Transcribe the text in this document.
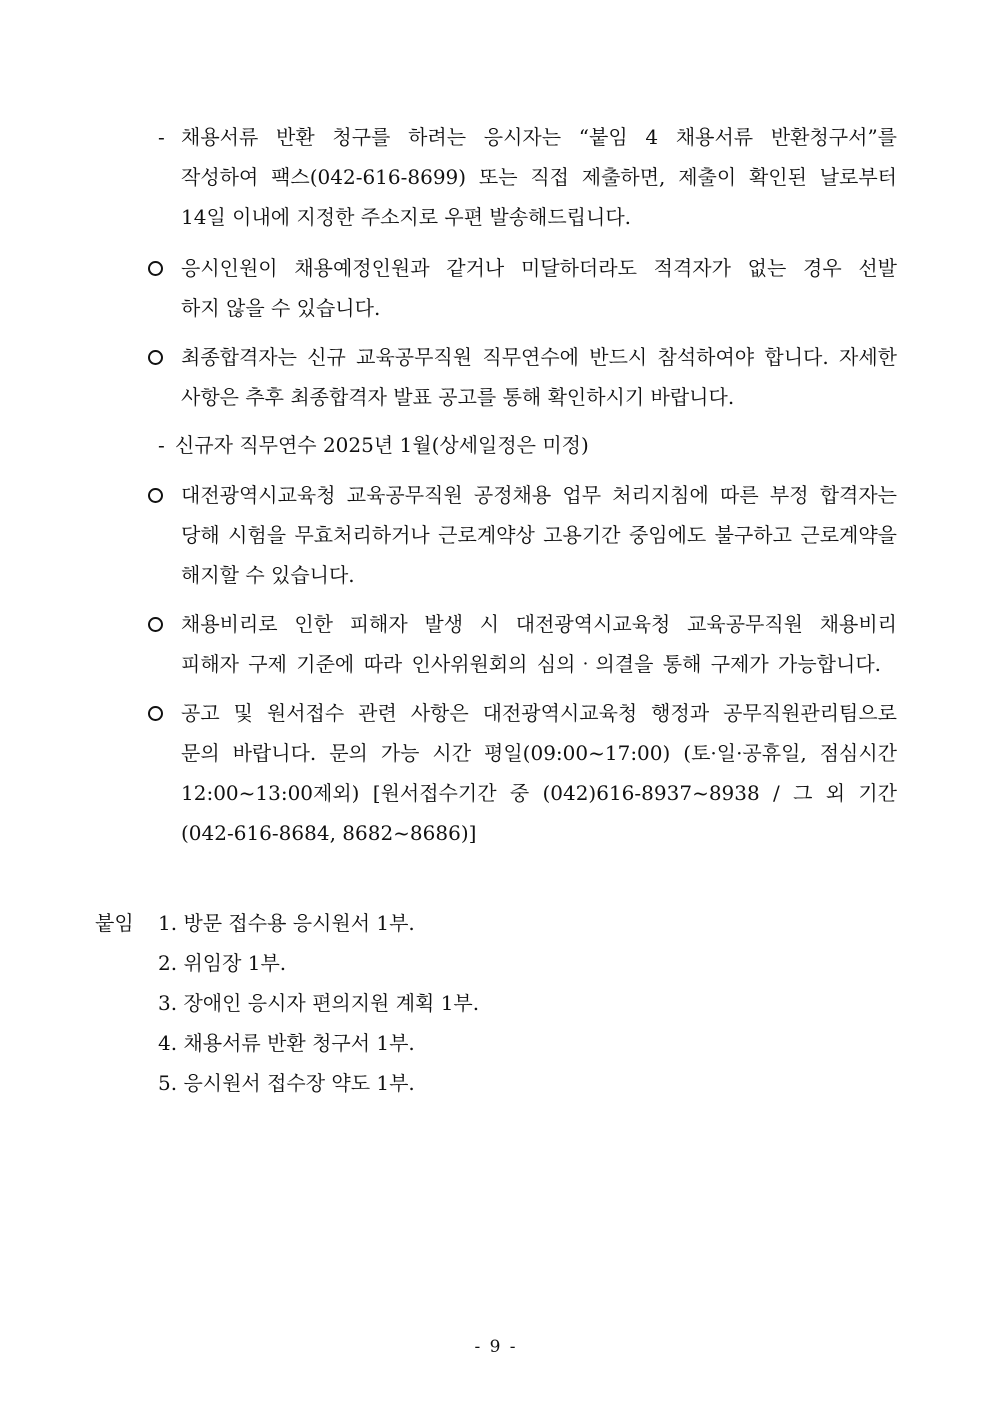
- 채용서류 반환 청구를 하려는 응시자는 “붙임 4 채용서류 반환청구서”를
작성하여 팩스(042-616-8699) 또는 직접 제출하면, 제출이 확인된 날로부터
14일 이내에 지정한 주소지로 우편 발송해드립니다.
응시인원이 채용예정인원과 같거나 미달하더라도 적격자가 없는 경우 선발
하지 않을 수 있습니다.
최종합격자는 신규 교육공무직원 직무연수에 반드시 참석하여야 합니다. 자세한
사항은 추후 최종합격자 발표 공고를 통해 확인하시기 바랍니다.
- 신규자 직무연수 2025년 1월(상세일정은 미정)
대전광역시교육청 교육공무직원 공정채용 업무 처리지침에 따른 부정 합격자는
당해 시험을 무효처리하거나 근로계약상 고용기간 중임에도 불구하고 근로계약을
해지할 수 있습니다.
채용비리로 인한 피해자 발생 시 대전광역시교육청 교육공무직원 채용비리
피해자 구제 기준에 따라 인사위원회의 심의‧의결을 통해 구제가 가능합니다.
공고 및 원서접수 관련 사항은 대전광역시교육청 행정과 공무직원관리팀으로
문의 바랍니다. 문의 가능 시간 평일(09:00~17:00) (토·일·공휴일, 점심시간
12:00~13:00제외) [원서접수기간 중 (042)616-8937~8938 / 그 외 기간
(042-616-8684, 8682~8686)]
붙임 1. 방문 접수용 응시원서 1부.
2. 위임장 1부.
3. 장애인 응시자 편의지원 계획 1부.
4. 채용서류 반환 청구서 1부.
5. 응시원서 접수장 약도 1부.
- 9 -
